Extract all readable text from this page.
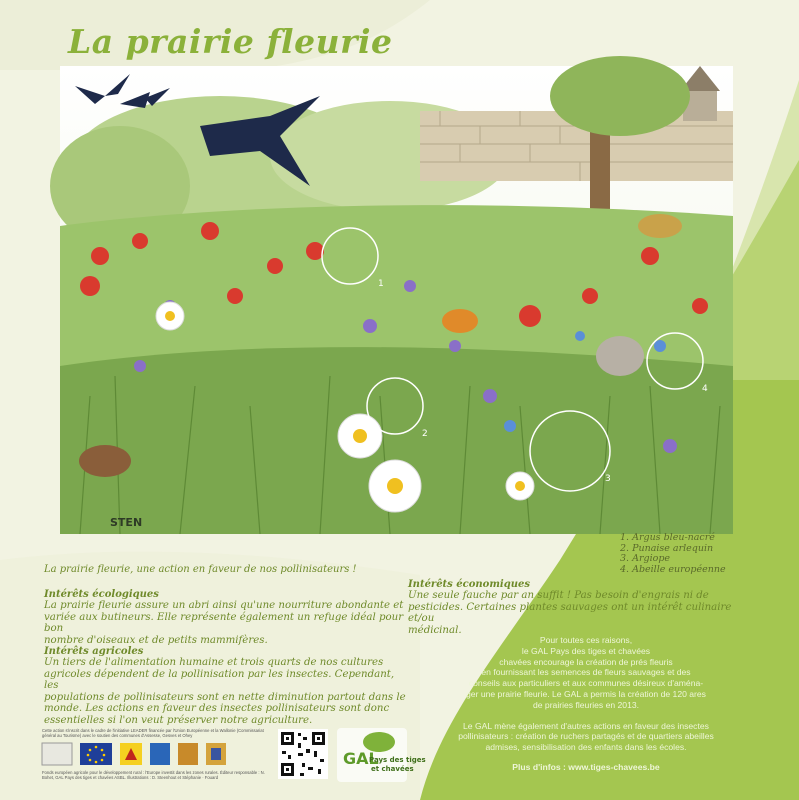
La prairie fleurie
1
2
3
4
STEN
1. Argus bleu-nacré
2. Punaise arlequin
3. Argiope
4. Abeille européenne
La prairie fleurie, une action en faveur de nos pollinisateurs !
Intérêts écologiques
La prairie fleurie assure un abri ainsi qu'une nourriture abondante et
variée aux butineurs. Elle représente également un refuge idéal pour bon
nombre d'oiseaux et de petits mammifères.
Intérêts agricoles
Un tiers de l'alimentation humaine et trois quarts de nos cultures
agricoles dépendent de la pollinisation par les insectes. Cependant, les
populations de pollinisateurs sont en nette diminution partout dans le
monde. Les actions en faveur des insectes pollinisateurs sont donc
essentielles si l'on veut préserver notre agriculture.
Intérêts économiques
Une seule fauche par an suffit ! Pas besoin d'engrais ni de
pesticides. Certaines plantes sauvages ont un intérêt culinaire et/ou
médicinal.

Pour toutes ces raisons,

le GAL Pays des tiges et chavées

chavées encourage la création de prés fleuris

en fournissant les semences de fleurs sauvages et des

conseils aux particuliers et aux communes désireux d'aména-

ger une prairie fleurie. Le GAL a permis la création de 120 ares

de prairies fleuries en 2013.

Le GAL mène également d'autres actions en faveur des insectes

pollinisateurs : création de ruchers partagés et de quartiers abeilles

admises, sensibilisation des enfants dans les écoles.

Plus d'infos : www.tiges-chavees.be

Cette action s'inscrit dans le cadre de l'initiative LEADER financée par l'Union Européenne et la Wallonie (Commissariat général au Tourisme) avec le soutien des communes d'Assesse, Gesves et Ohey
Fonds européen agricole pour le développement rural : l'Europe investit dans les zones rurales. Éditeur responsable : N. Bohet, GAL Pays des tiges et chavées ASBL. Illustrations : D. Steenhout et Stéphanie · Fouard
GAL
Pays des tiges
et chavées
